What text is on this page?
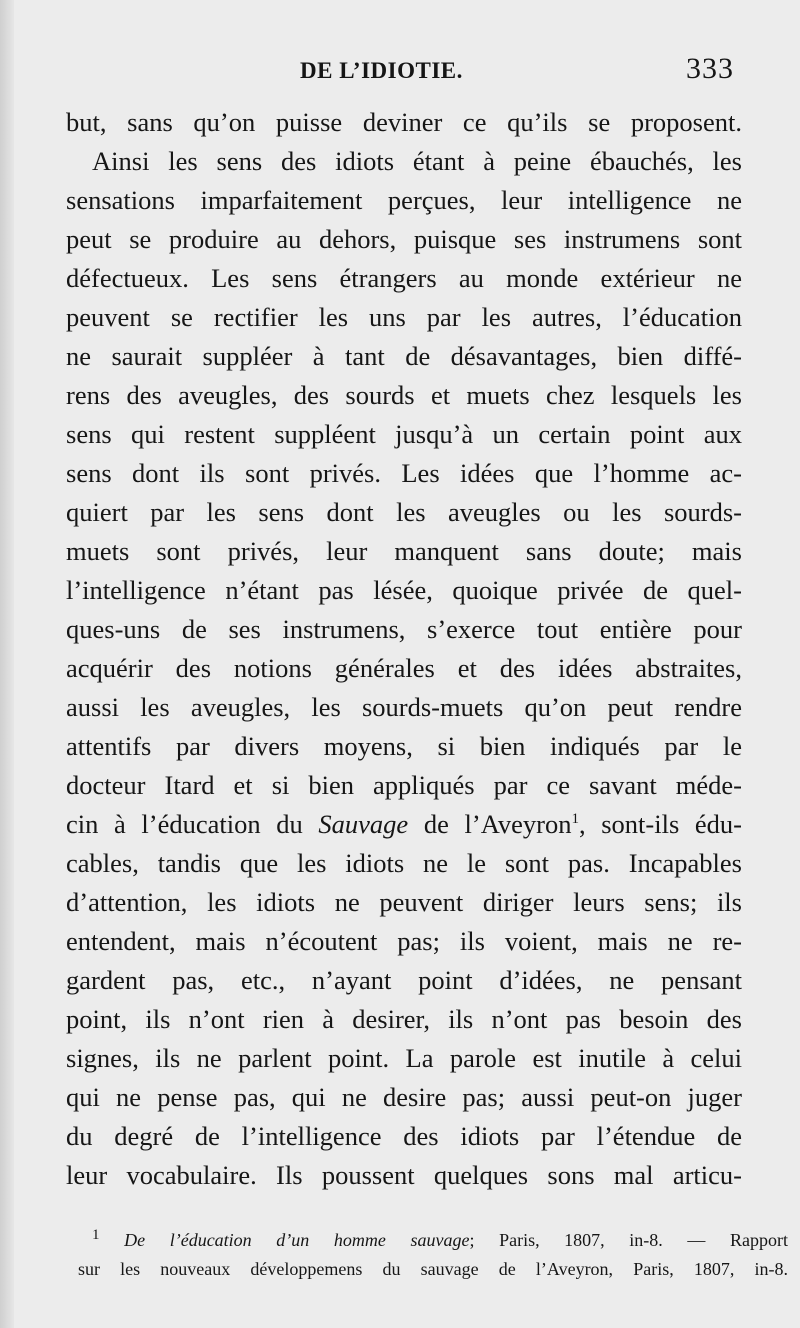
DE L’IDIOTIE.	333
but, sans qu’on puisse deviner ce qu’ils se proposent.
Ainsi les sens des idiots étant à peine ébauchés, les
sensations imparfaitement perçues, leur intelligence ne
peut se produire au dehors, puisque ses instrumens sont
défectueux. Les sens étrangers au monde extérieur ne
peuvent se rectifier les uns par les autres, l’éducation
ne saurait suppléer à tant de désavantages, bien diffé-
rens des aveugles, des sourds et muets chez lesquels les
sens qui restent suppléent jusqu’à un certain point aux
sens dont ils sont privés. Les idées que l’homme ac-
quiert par les sens dont les aveugles ou les sourds-
muets sont privés, leur manquent sans doute; mais
l’intelligence n’étant pas lésée, quoique privée de quel-
ques-uns de ses instrumens, s’exerce tout entière pour
acquérir des notions générales et des idées abstraites,
aussi les aveugles, les sourds-muets qu’on peut rendre
attentifs par divers moyens, si bien indiqués par le
docteur Itard et si bien appliqués par ce savant méde-
cin à l’éducation du Sauvage de l’Aveyron$^1$, sont-ils édu-
cables, tandis que les idiots ne le sont pas. Incapables
d’attention, les idiots ne peuvent diriger leurs sens; ils
entendent, mais n’écoutent pas; ils voient, mais ne re-
gardent pas, etc., n’ayant point d’idées, ne pensant
point, ils n’ont rien à desirer, ils n’ont pas besoin des
signes, ils ne parlent point. La parole est inutile à celui
qui ne pense pas, qui ne desire pas; aussi peut-on juger
du degré de l’intelligence des idiots par l’étendue de
leur vocabulaire. Ils poussent quelques sons mal articu-
$^1$ De l’éducation d’un homme sauvage; Paris, 1807, in-8. — Rapport
sur les nouveaux développemens du sauvage de l’Aveyron, Paris, 1807, in-8.
